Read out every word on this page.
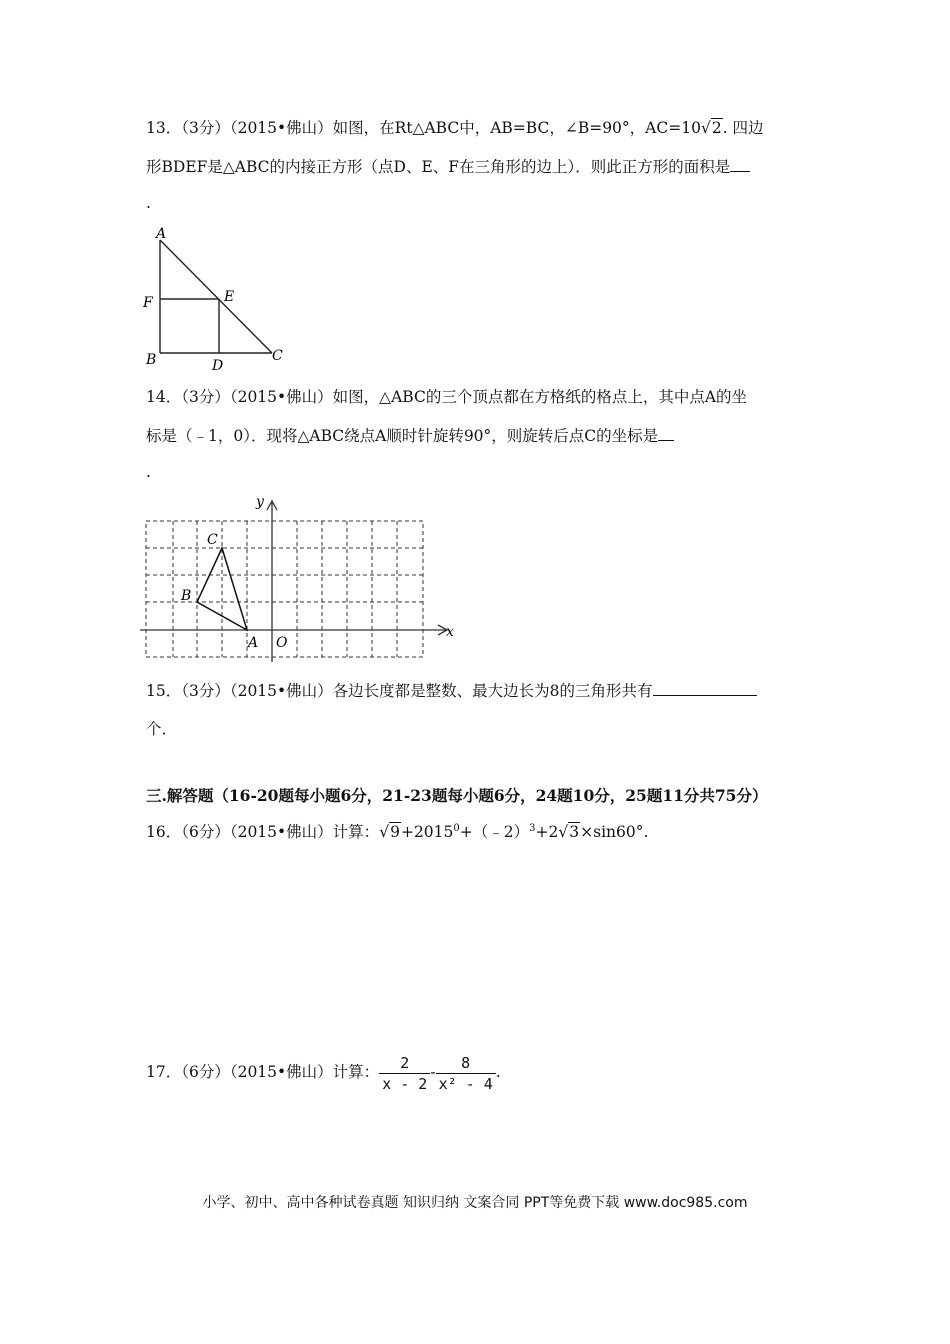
13．（3分）（2015•佛山）如图，在Rt△ABC中，AB=BC，∠B=90°，AC=10√2. 四边
形BDEF是△ABC的内接正方形（点D、E、F在三角形的边上）．则此正方形的面积是
.
A
F	E
B	D
C
14．（3分）（2015•佛山）如图，△ABC的三个顶点都在方格纸的格点上，其中点A的坐
标是（﹣1，0）．现将△ABC绕点A顺时针旋转90°，则旋转后点C的坐标是
.
y
x
C
B
A O
15．（3分）（2015•佛山）各边长度都是整数、最大边长为8的三角形共有
个．
三.解答题（16-20题每小题6分，21-23题每小题6分，24题10分，25题11分共75分）
16．（6分）（2015•佛山）计算：$√9+2015^0+(﹣2)^3+2√3\times\sin 60^\circ$.
17．（6分）（2015•佛山）计算： $\frac{2}{x - 2} - \frac{8}{\text{x² - 4}}$ .
小学、初中、高中各种试卷真题 知识归纳 文案合同 PPT等免费下载 www.doc985.com
